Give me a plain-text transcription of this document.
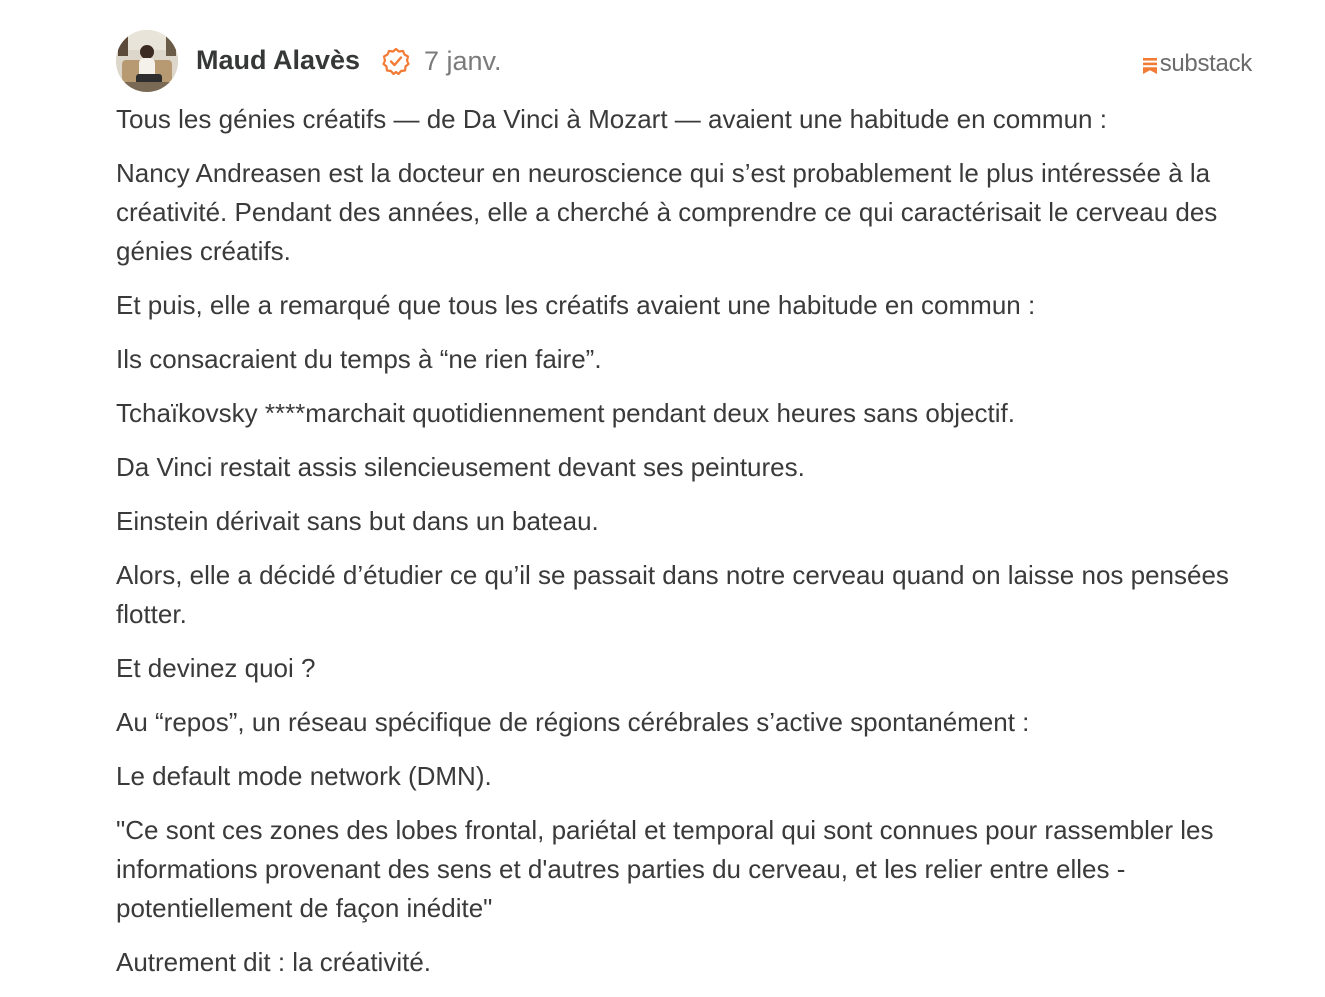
Maud Alavès 7 janv.	substack

Tous les génies créatifs — de Da Vinci à Mozart — avaient une habitude en commun :

Nancy Andreasen est la docteur en neuroscience qui s’est probablement le plus intéressée à la créativité. Pendant des années, elle a cherché à comprendre ce qui caractérisait le cerveau des génies créatifs.

Et puis, elle a remarqué que tous les créatifs avaient une habitude en commun :

Ils consacraient du temps à “ne rien faire”.

Tchaïkovsky ****marchait quotidiennement pendant deux heures sans objectif.

Da Vinci restait assis silencieusement devant ses peintures.

Einstein dérivait sans but dans un bateau.

Alors, elle a décidé d’étudier ce qu’il se passait dans notre cerveau quand on laisse nos pensées flotter.

Et devinez quoi ?

Au “repos”, un réseau spécifique de régions cérébrales s’active spontanément :

Le default mode network (DMN).

"Ce sont ces zones des lobes frontal, pariétal et temporal qui sont connues pour rassembler les informations provenant des sens et d'autres parties du cerveau, et les relier entre elles - potentiellement de façon inédite"

Autrement dit : la créativité.
